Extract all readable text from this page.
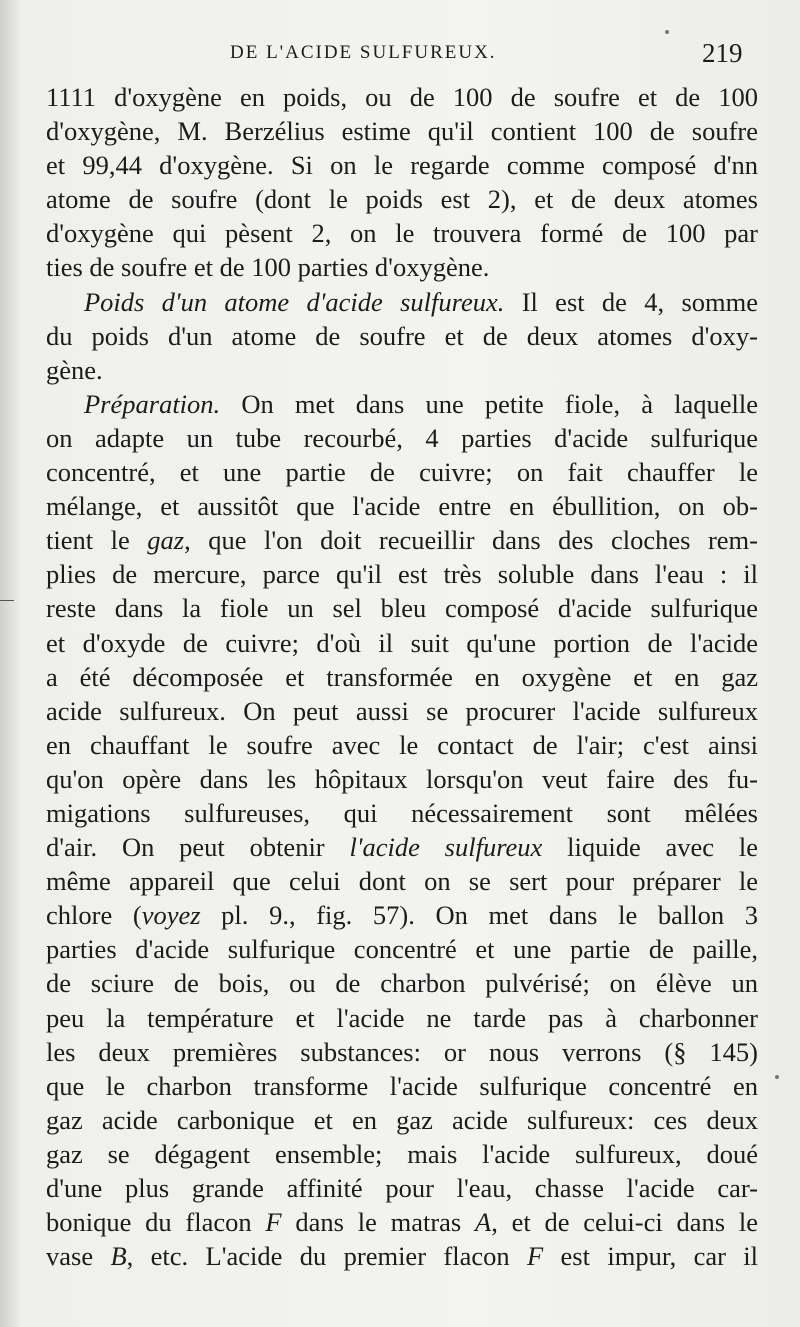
DE L'ACIDE SULFUREUX.	219
1111 d'oxygène en poids, ou de 100 de soufre et de 100
d'oxygène, M. Berzélius estime qu'il contient 100 de soufre
et 99,44 d'oxygène. Si on le regarde comme composé d'nn
atome de soufre (dont le poids est 2), et de deux atomes
d'oxygène qui pèsent 2, on le trouvera formé de 100 par
ties de soufre et de 100 parties d'oxygène.
Poids d'un atome d'acide sulfureux. Il est de 4, somme
du poids d'un atome de soufre et de deux atomes d'oxy-
gène.
Préparation. On met dans une petite fiole, à laquelle
on adapte un tube recourbé, 4 parties d'acide sulfurique
concentré, et une partie de cuivre; on fait chauffer le
mélange, et aussitôt que l'acide entre en ébullition, on ob-
tient le gaz, que l'on doit recueillir dans des cloches rem-
plies de mercure, parce qu'il est très soluble dans l'eau : il
reste dans la fiole un sel bleu composé d'acide sulfurique
et d'oxyde de cuivre; d'où il suit qu'une portion de l'acide
a été décomposée et transformée en oxygène et en gaz
acide sulfureux. On peut aussi se procurer l'acide sulfureux
en chauffant le soufre avec le contact de l'air; c'est ainsi
qu'on opère dans les hôpitaux lorsqu'on veut faire des fu-
migations sulfureuses, qui nécessairement sont mêlées
d'air. On peut obtenir l'acide sulfureux liquide avec le
même appareil que celui dont on se sert pour préparer le
chlore (voyez pl. 9., fig. 57). On met dans le ballon 3
parties d'acide sulfurique concentré et une partie de paille,
de sciure de bois, ou de charbon pulvérisé; on élève un
peu la température et l'acide ne tarde pas à charbonner
les deux premières substances: or nous verrons (§ 145)
que le charbon transforme l'acide sulfurique concentré en
gaz acide carbonique et en gaz acide sulfureux: ces deux
gaz se dégagent ensemble; mais l'acide sulfureux, doué
d'une plus grande affinité pour l'eau, chasse l'acide car-
bonique du flacon F dans le matras A, et de celui-ci dans le
vase B, etc. L'acide du premier flacon F est impur, car il
